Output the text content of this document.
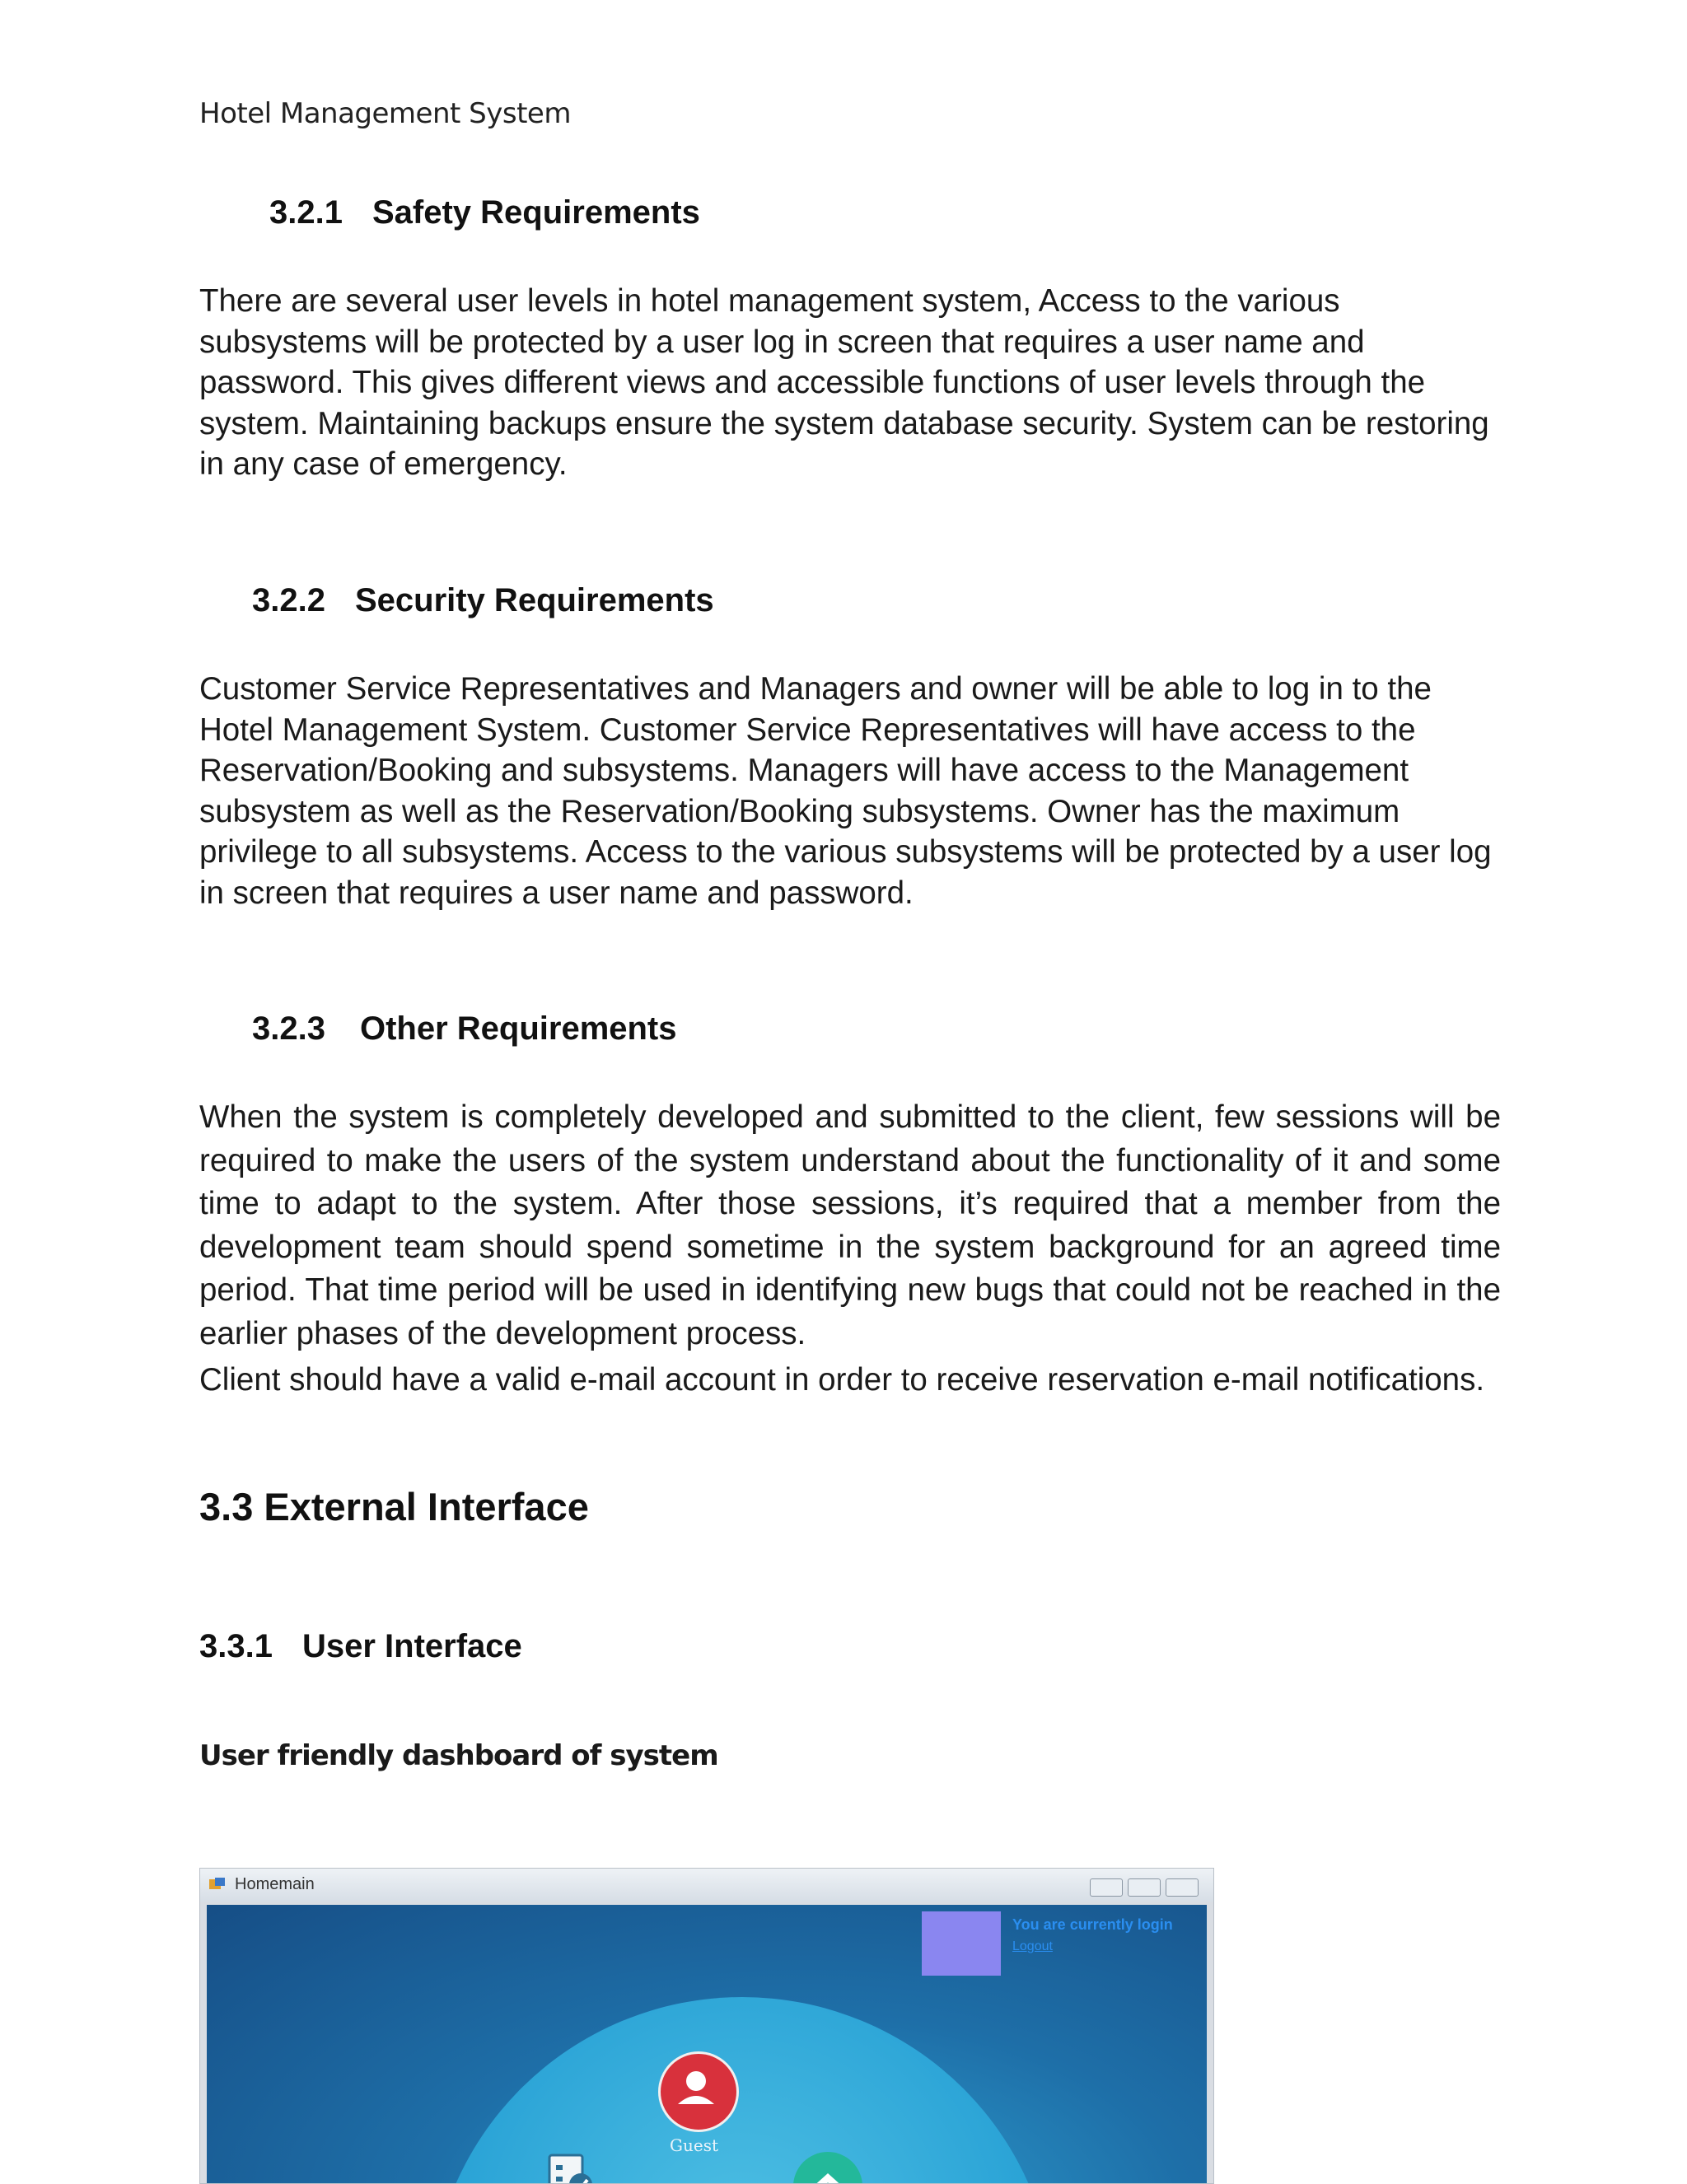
Hotel Management System
3.2.1 Safety Requirements
There are several user levels in hotel management system, Access to the various subsystems will be protected by a user log in screen that requires a user name and password. This gives different views and accessible functions of user levels through the system. Maintaining backups ensure the system database security. System can be restoring in any case of emergency.
3.2.2 Security Requirements
Customer Service Representatives and Managers and owner will be able to log in to the Hotel Management System. Customer Service Representatives will have access to the Reservation/Booking and subsystems. Managers will have access to the Management subsystem as well as the Reservation/Booking subsystems. Owner has the maximum privilege to all subsystems. Access to the various subsystems will be protected by a user log in screen that requires a user name and password.
3.2.3 Other Requirements
When the system is completely developed and submitted to the client, few sessions will be required to make the users of the system understand about the functionality of it and some time to adapt to the system. After those sessions, it’s required that a member from the development team should spend sometime in the system background for an agreed time period. That time period will be used in identifying new bugs that could not be reached in the earlier phases of the development process.
Client should have a valid e-mail account in order to receive reservation e-mail notifications.
3.3 External Interface
3.3.1 User Interface
User friendly dashboard of system
Homemain
You are currently login
Logout
Guest
